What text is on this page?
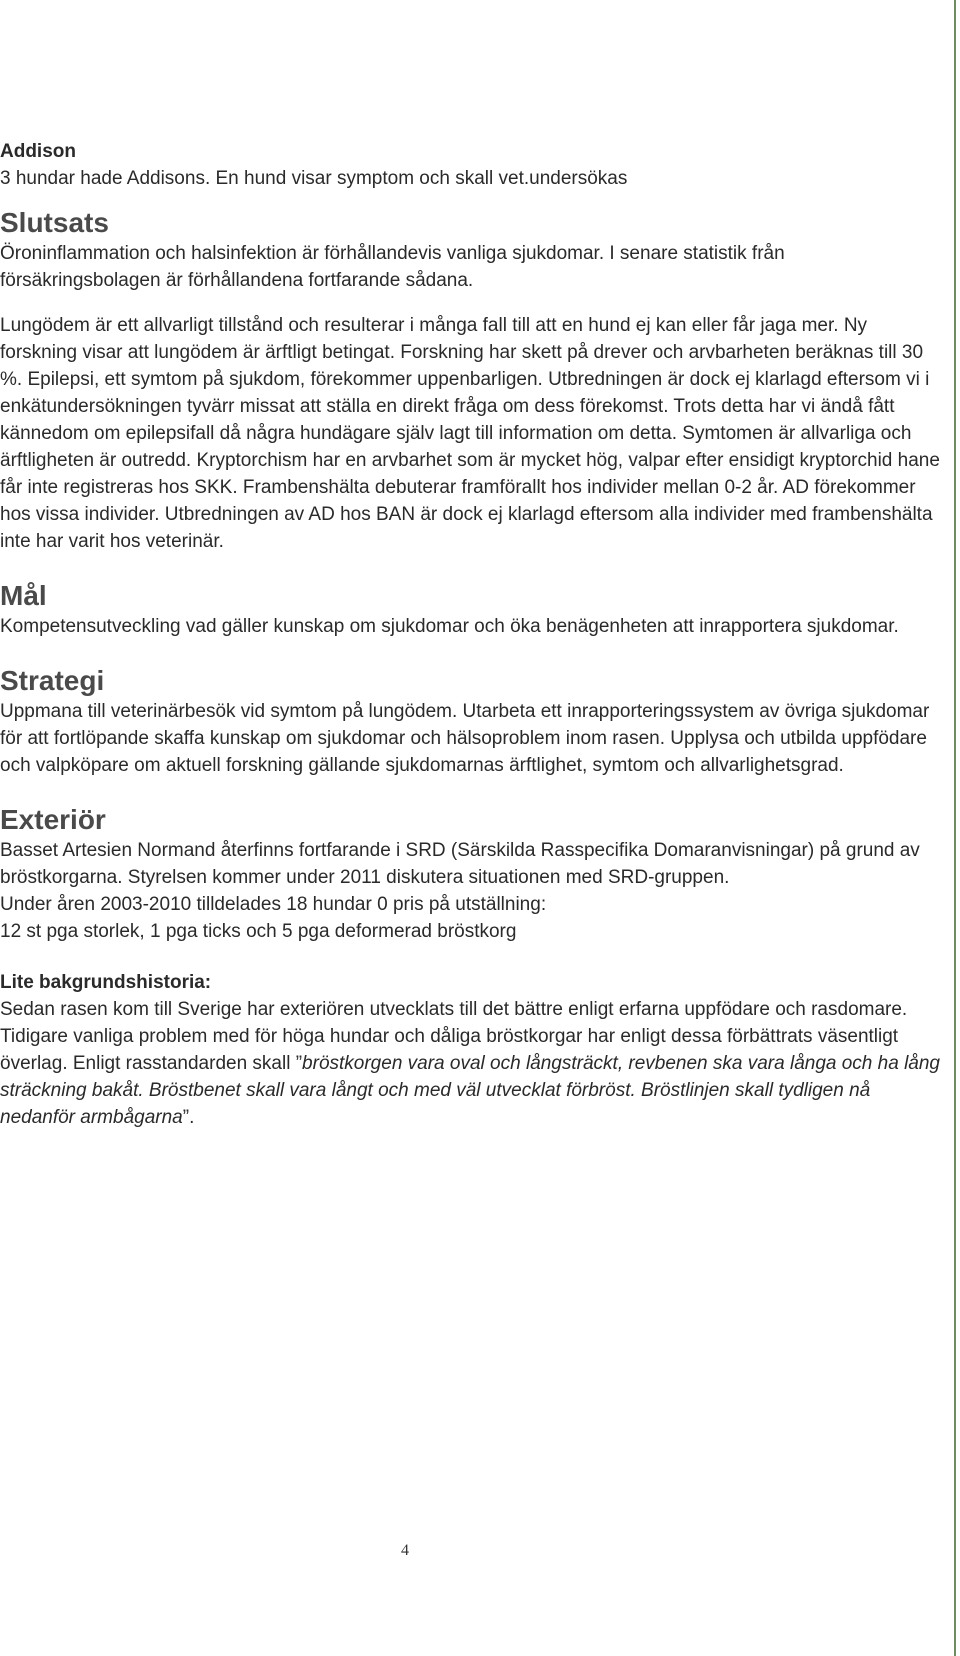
Addison

3 hundar hade Addisons. En hund visar symptom och skall vet.undersökas

Slutsats

Öroninflammation och halsinfektion är förhållandevis vanliga sjukdomar. I senare statistik från försäkringsbolagen är förhållandena fortfarande sådana.

Lungödem är ett allvarligt tillstånd och resulterar i många fall till att en hund ej kan eller får jaga mer. Ny forskning visar att lungödem är ärftligt betingat. Forskning har skett på drever och arvbarheten beräknas till 30 %. Epilepsi, ett symtom på sjukdom, förekommer uppenbarligen. Utbredningen är dock ej klarlagd eftersom vi i enkätundersökningen tyvärr missat att ställa en direkt fråga om dess förekomst. Trots detta har vi ändå fått kännedom om epilepsifall då några hundägare själv lagt till information om detta. Symtomen är allvarliga och ärftligheten är outredd. Kryptorchism har en arvbarhet som är mycket hög, valpar efter ensidigt kryptorchid hane får inte registreras hos SKK. Frambenshälta debuterar framförallt hos individer mellan 0-2 år. AD förekommer hos vissa individer. Utbredningen av AD hos BAN är dock ej klarlagd eftersom alla individer med frambenshälta inte har varit hos veterinär.

Mål

Kompetensutveckling vad gäller kunskap om sjukdomar och öka benägenheten att inrapportera sjukdomar.

Strategi

Uppmana till veterinärbesök vid symtom på lungödem. Utarbeta ett inrapporteringssystem av övriga sjukdomar för att fortlöpande skaffa kunskap om sjukdomar och hälsoproblem inom rasen. Upplysa och utbilda uppfödare och valpköpare om aktuell forskning gällande sjukdomarnas ärftlighet, symtom och allvarlighetsgrad.

Exteriör

Basset Artesien Normand återfinns fortfarande i SRD (Särskilda Rasspecifika Domaranvisningar) på grund av bröstkorgarna. Styrelsen kommer under 2011 diskutera situationen med SRD-gruppen.

Under åren 2003-2010 tilldelades 18 hundar 0 pris på utställning:

12 st pga storlek, 1 pga ticks och 5 pga deformerad bröstkorg

Lite bakgrundshistoria:

Sedan rasen kom till Sverige har exteriören utvecklats till det bättre enligt erfarna uppfödare och rasdomare. Tidigare vanliga problem med för höga hundar och dåliga bröstkorgar har enligt dessa förbättrats väsentligt överlag. Enligt rasstandarden skall ”bröstkorgen vara oval och långsträckt, revbenen ska vara långa och ha lång sträckning bakåt. Bröstbenet skall vara långt och med väl utvecklat förbröst. Bröstlinjen skall tydligen nå nedanför armbågarna”.

4
